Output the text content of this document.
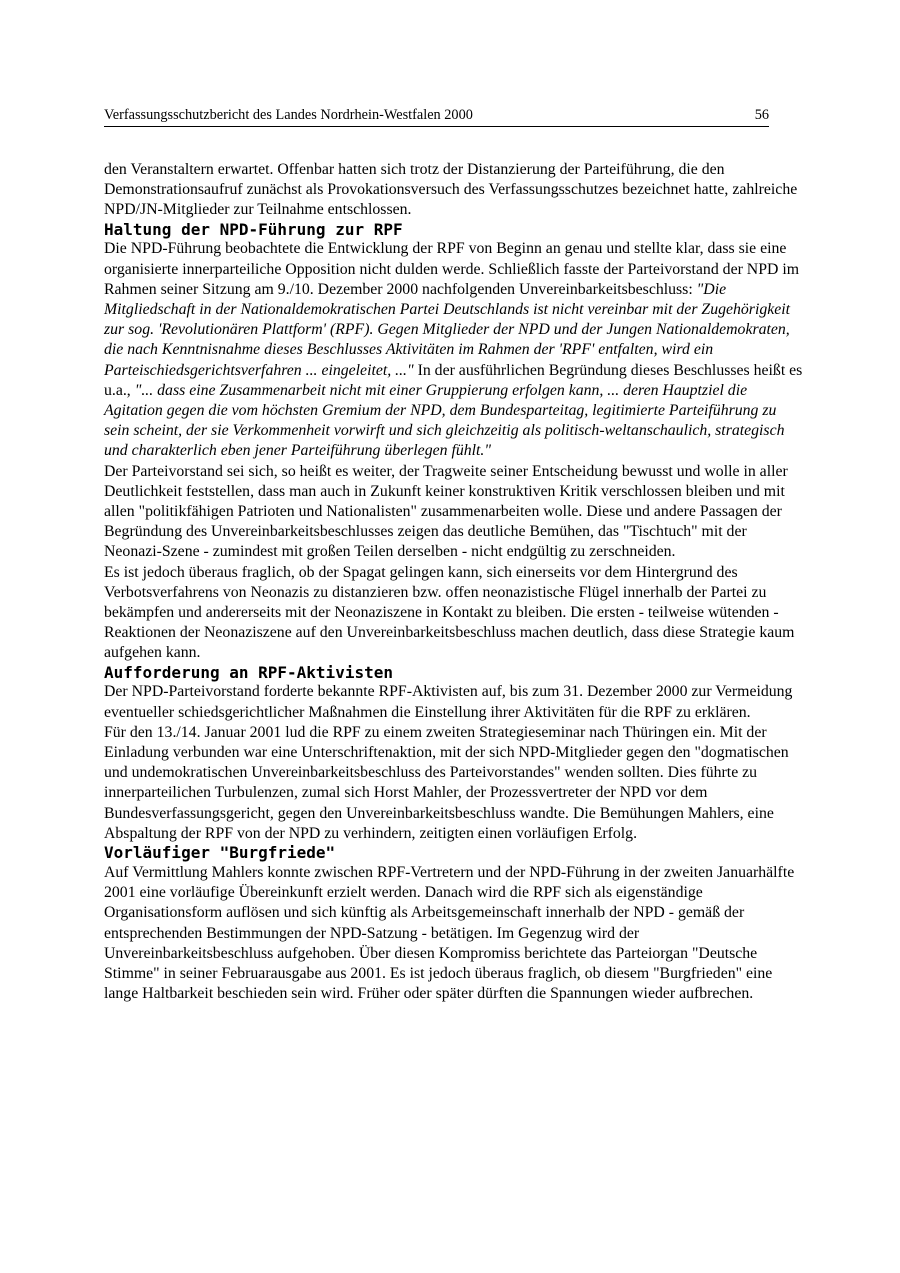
Verfassungsschutzbericht des Landes Nordrhein-Westfalen 2000	56

den Veranstaltern erwartet. Offenbar hatten sich trotz der Distanzierung der Parteiführung, die den Demonstrationsaufruf zunächst als Provokationsversuch des Verfassungsschutzes bezeichnet hatte, zahlreiche NPD/JN-Mitglieder zur Teilnahme entschlossen.

Haltung der NPD-Führung zur RPF

Die NPD-Führung beobachtete die Entwicklung der RPF von Beginn an genau und stellte klar, dass sie eine organisierte innerparteiliche Opposition nicht dulden werde. Schließlich fasste der Parteivorstand der NPD im Rahmen seiner Sitzung am 9./10. Dezember 2000 nachfolgenden Unvereinbarkeitsbeschluss: "Die Mitgliedschaft in der Nationaldemokratischen Partei Deutschlands ist nicht vereinbar mit der Zugehörigkeit zur sog. 'Revolutionären Plattform' (RPF). Gegen Mitglieder der NPD und der Jungen Nationaldemokraten, die nach Kenntnisnahme dieses Beschlusses Aktivitäten im Rahmen der 'RPF' entfalten, wird ein Parteischiedsgerichtsverfahren ... eingeleitet, ..." In der ausführlichen Begründung dieses Beschlusses heißt es u.a., "... dass eine Zusammenarbeit nicht mit einer Gruppierung erfolgen kann, ... deren Hauptziel die Agitation gegen die vom höchsten Gremium der NPD, dem Bundesparteitag, legitimierte Parteiführung zu sein scheint, der sie Verkommenheit vorwirft und sich gleichzeitig als politisch-weltanschaulich, strategisch und charakterlich eben jener Parteiführung überlegen fühlt."

Der Parteivorstand sei sich, so heißt es weiter, der Tragweite seiner Entscheidung bewusst und wolle in aller Deutlichkeit feststellen, dass man auch in Zukunft keiner konstruktiven Kritik verschlossen bleiben und mit allen "politikfähigen Patrioten und Nationalisten" zusammenarbeiten wolle. Diese und andere Passagen der Begründung des Unvereinbarkeitsbeschlusses zeigen das deutliche Bemühen, das "Tischtuch" mit der Neonazi-Szene - zumindest mit großen Teilen derselben - nicht endgültig zu zerschneiden.

Es ist jedoch überaus fraglich, ob der Spagat gelingen kann, sich einerseits vor dem Hintergrund des Verbotsverfahrens von Neonazis zu distanzieren bzw. offen neonazistische Flügel innerhalb der Partei zu bekämpfen und andererseits mit der Neonaziszene in Kontakt zu bleiben. Die ersten - teilweise wütenden - Reaktionen der Neonaziszene auf den Unvereinbarkeitsbeschluss machen deutlich, dass diese Strategie kaum aufgehen kann.

Aufforderung an RPF-Aktivisten

Der NPD-Parteivorstand forderte bekannte RPF-Aktivisten auf, bis zum 31. Dezember 2000 zur Vermeidung eventueller schiedsgerichtlicher Maßnahmen die Einstellung ihrer Aktivitäten für die RPF zu erklären.

Für den 13./14. Januar 2001 lud die RPF zu einem zweiten Strategieseminar nach Thüringen ein. Mit der Einladung verbunden war eine Unterschriftenaktion, mit der sich NPD-Mitglieder gegen den "dogmatischen und undemokratischen Unvereinbarkeitsbeschluss des Parteivorstandes" wenden sollten. Dies führte zu innerparteilichen Turbulenzen, zumal sich Horst Mahler, der Prozessvertreter der NPD vor dem Bundesverfassungsgericht, gegen den Unvereinbarkeitsbeschluss wandte. Die Bemühungen Mahlers, eine Abspaltung der RPF von der NPD zu verhindern, zeitigten einen vorläufigen Erfolg.

Vorläufiger "Burgfriede"

Auf Vermittlung Mahlers konnte zwischen RPF-Vertretern und der NPD-Führung in der zweiten Januarhälfte 2001 eine vorläufige Übereinkunft erzielt werden. Danach wird die RPF sich als eigenständige Organisationsform auflösen und sich künftig als Arbeitsgemeinschaft innerhalb der NPD - gemäß der entsprechenden Bestimmungen der NPD-Satzung - betätigen. Im Gegenzug wird der Unvereinbarkeitsbeschluss aufgehoben. Über diesen Kompromiss berichtete das Parteiorgan "Deutsche Stimme" in seiner Februarausgabe aus 2001. Es ist jedoch überaus fraglich, ob diesem "Burgfrieden" eine lange Haltbarkeit beschieden sein wird. Früher oder später dürften die Spannungen wieder aufbrechen.
